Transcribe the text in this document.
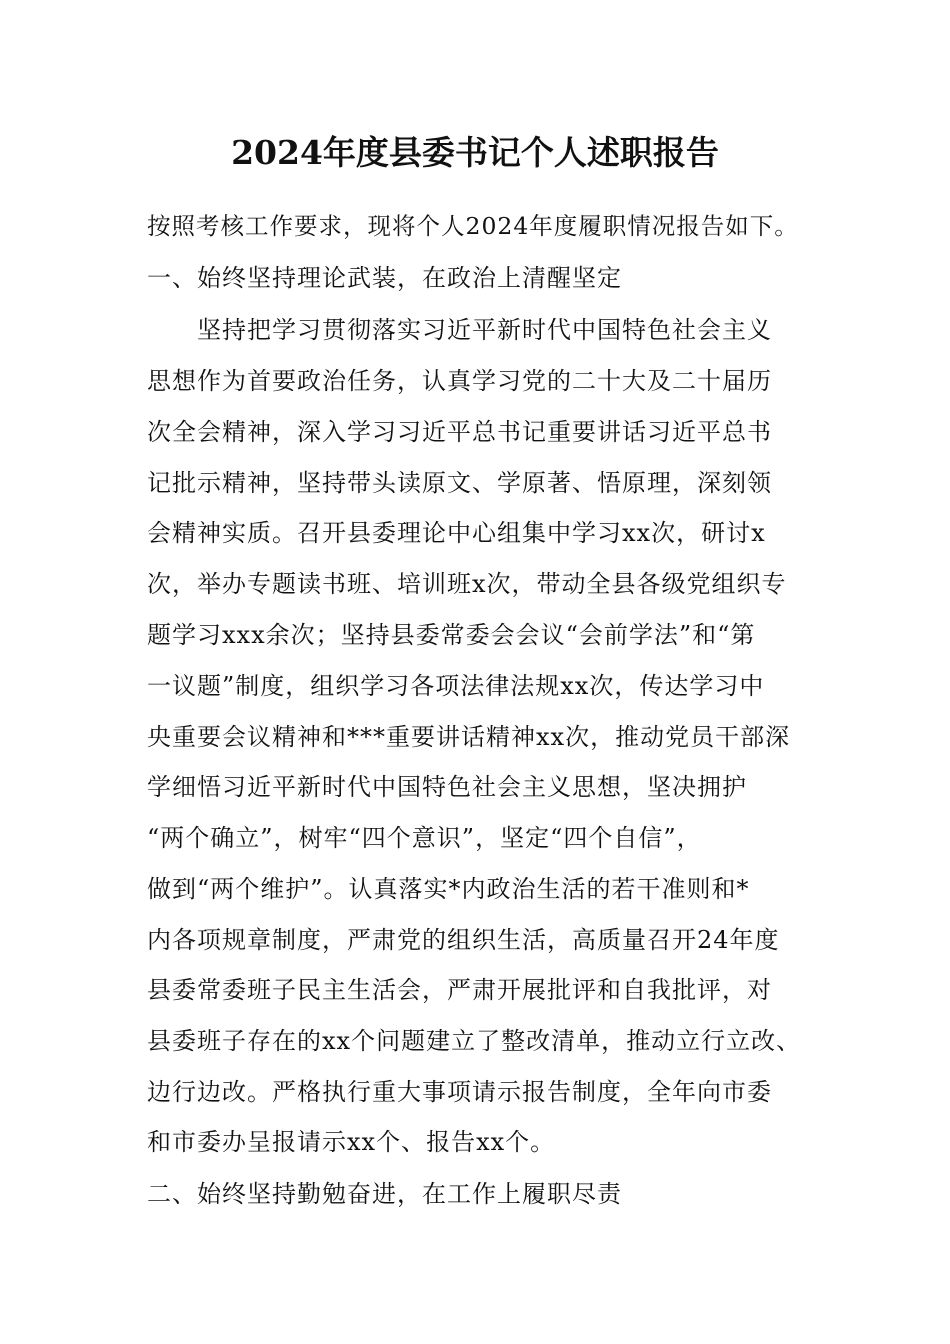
2024年度县委书记个人述职报告
按照考核工作要求，现将个人2024年度履职情况报告如下。
一、始终坚持理论武装，在政治上清醒坚定
坚持把学习贯彻落实习近平新时代中国特色社会主义
思想作为首要政治任务，认真学习党的二十大及二十届历
次全会精神，深入学习习近平总书记重要讲话习近平总书
记批示精神，坚持带头读原文、学原著、悟原理，深刻领
会精神实质。召开县委理论中心组集中学习xx次，研讨x
次，举办专题读书班、培训班x次，带动全县各级党组织专
题学习xxx余次；坚持县委常委会会议“会前学法”和“第
一议题”制度，组织学习各项法律法规xx次，传达学习中
央重要会议精神和***重要讲话精神xx次，推动党员干部深
学细悟习近平新时代中国特色社会主义思想，坚决拥护
“两个确立”，树牢“四个意识”，坚定“四个自信”，
做到“两个维护”。认真落实*内政治生活的若干准则和*
内各项规章制度，严肃党的组织生活，高质量召开24年度
县委常委班子民主生活会，严肃开展批评和自我批评，对
县委班子存在的xx个问题建立了整改清单，推动立行立改、
边行边改。严格执行重大事项请示报告制度，全年向市委
和市委办呈报请示xx个、报告xx个。
二、始终坚持勤勉奋进，在工作上履职尽责
